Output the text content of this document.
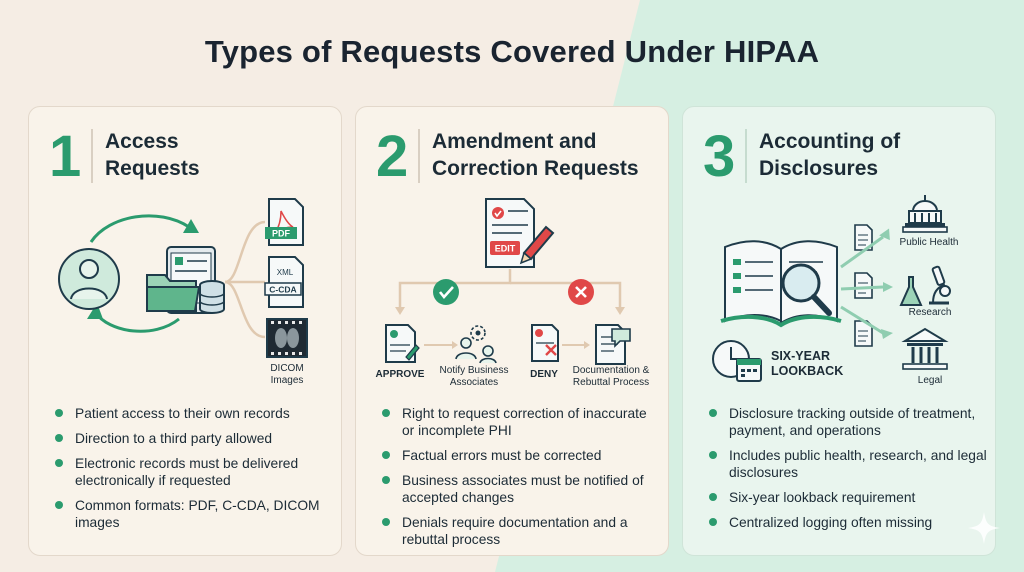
Types of Requests Covered Under HIPAA
1 Access
Requests
PDF
XML
C-CDA
DICOM
Images
Patient access to their own records
Direction to a third party allowed
Electronic records must be delivered electronically if requested
Common formats: PDF, C-CDA, DICOM images
2 Amendment and
Correction Requests
EDIT
APPROVE	Notify Business
Associates
DENY	Documentation &
Rebuttal Process
Right to request correction of inaccurate or incomplete PHI
Factual errors must be corrected
Business associates must be notified of accepted changes
Denials require documentation and a rebuttal process
3 Accounting of
Disclosures
Public Health
Research
Legal
SIX-YEAR
LOOKBACK
Disclosure tracking outside of treatment, payment, and operations
Includes public health, research, and legal disclosures
Six-year lookback requirement
Centralized logging often missing
